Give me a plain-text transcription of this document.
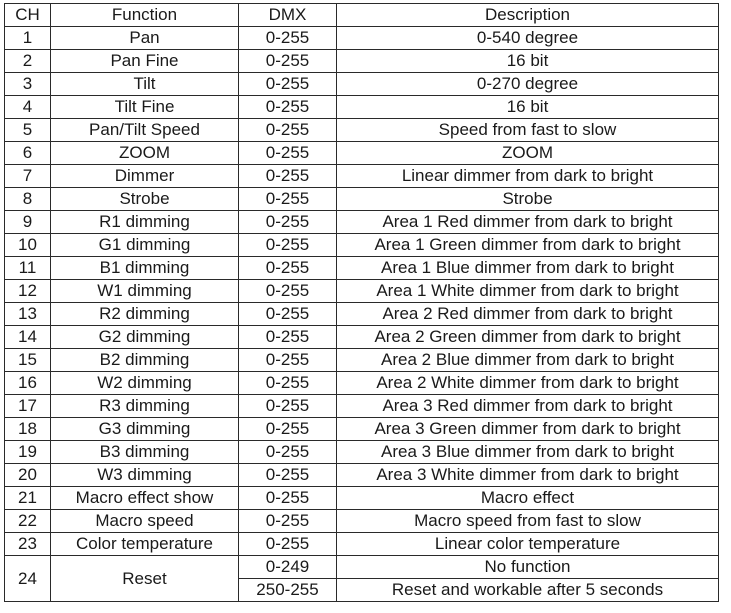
CH	Function	DMX	Description
1	Pan	0-255	0-540 degree
2	Pan Fine	0-255	16 bit
3	Tilt	0-255	0-270 degree
4	Tilt Fine	0-255	16 bit
5	Pan/Tilt Speed	0-255	Speed from fast to slow
6	ZOOM	0-255	ZOOM
7	Dimmer	0-255	Linear dimmer from dark to bright
8	Strobe	0-255	Strobe
9	R1 dimming	0-255	Area 1 Red dimmer from dark to bright
10	G1 dimming	0-255	Area 1 Green dimmer from dark to bright
11	B1 dimming	0-255	Area 1 Blue dimmer from dark to bright
12	W1 dimming	0-255	Area 1 White dimmer from dark to bright
13	R2 dimming	0-255	Area 2 Red dimmer from dark to bright
14	G2 dimming	0-255	Area 2 Green dimmer from dark to bright
15	B2 dimming	0-255	Area 2 Blue dimmer from dark to bright
16	W2 dimming	0-255	Area 2 White dimmer from dark to bright
17	R3 dimming	0-255	Area 3 Red dimmer from dark to bright
18	G3 dimming	0-255	Area 3 Green dimmer from dark to bright
19	B3 dimming	0-255	Area 3 Blue dimmer from dark to bright
20	W3 dimming	0-255	Area 3 White dimmer from dark to bright
21	Macro effect show	0-255	Macro effect
22	Macro speed	0-255	Macro speed from fast to slow
23	Color temperature	0-255	Linear color temperature
24	Reset	0-249	No function
		250-255	Reset and workable after 5 seconds
